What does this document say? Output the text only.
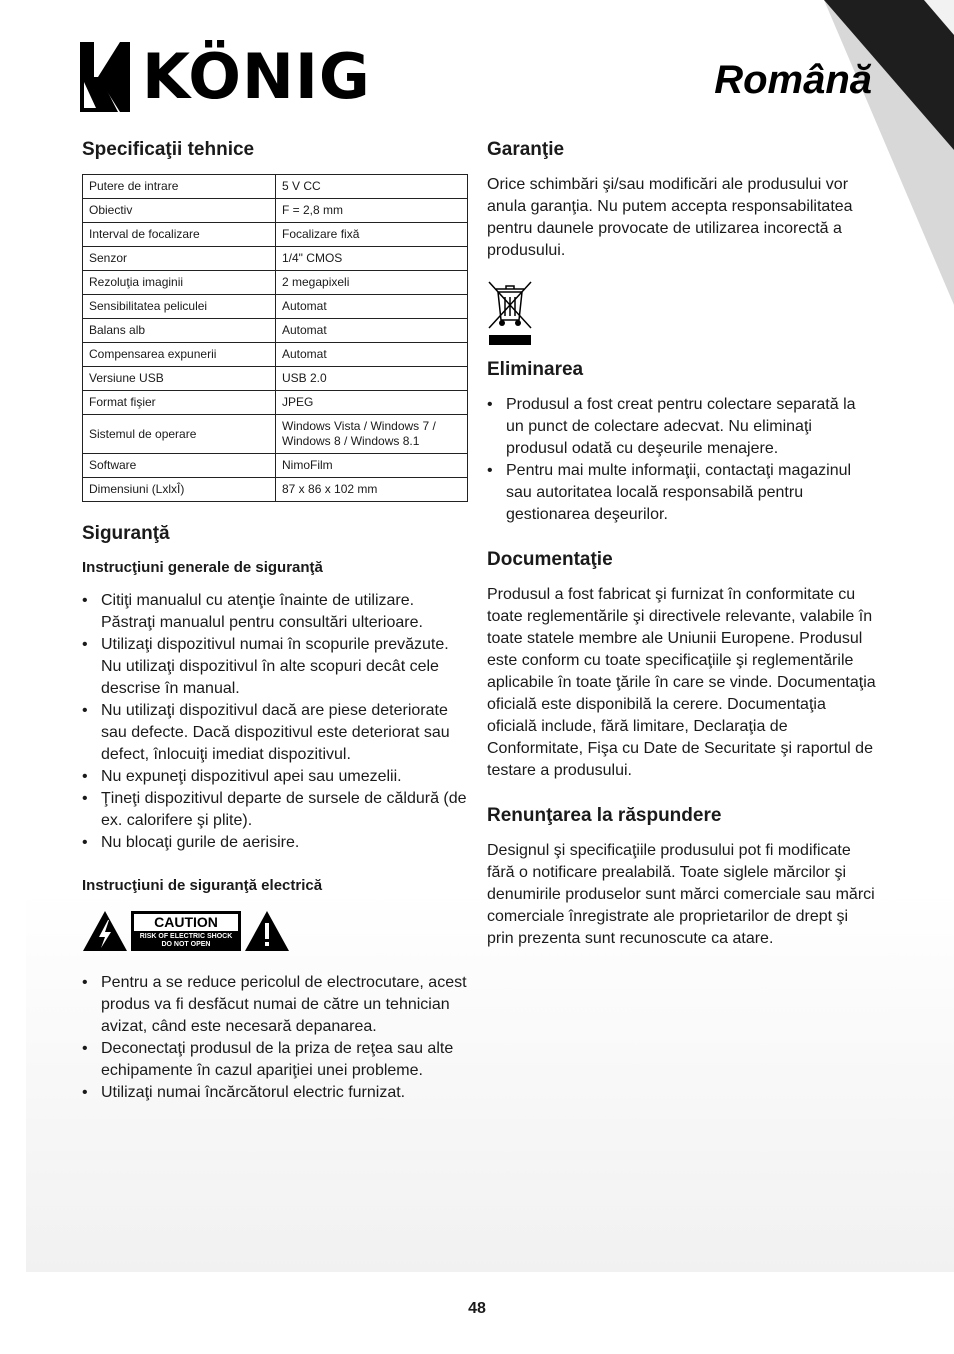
KÖNIG	Română
Specificaţii tehnice
Putere de intrare	5 V CC
Obiectiv	F = 2,8 mm
Interval de focalizare	Focalizare fixă
Senzor	1/4" CMOS
Rezoluţia imaginii	2 megapixeli
Sensibilitatea peliculei	Automat
Balans alb	Automat
Compensarea expunerii	Automat
Versiune USB	USB 2.0
Format fişier	JPEG
Sistemul de operare	Windows Vista / Windows 7 / Windows 8 / Windows 8.1
Software	NimoFilm
Dimensiuni (LxlxÎ)	87 x 86 x 102 mm
Siguranţă
Instrucţiuni generale de siguranţă
• Citiţi manualul cu atenţie înainte de utilizare. Păstraţi manualul pentru consultări ulterioare.
• Utilizaţi dispozitivul numai în scopurile prevăzute. Nu utilizaţi dispozitivul în alte scopuri decât cele descrise în manual.
• Nu utilizaţi dispozitivul dacă are piese deteriorate sau defecte. Dacă dispozitivul este deteriorat sau defect, înlocuiţi imediat dispozitivul.
• Nu expuneţi dispozitivul apei sau umezelii.
• Ţineţi dispozitivul departe de sursele de căldură (de ex. calorifere şi plite).
• Nu blocaţi gurile de aerisire.
Instrucţiuni de siguranţă electrică
CAUTION
RISK OF ELECTRIC SHOCK
DO NOT OPEN
• Pentru a se reduce pericolul de electrocutare, acest produs va fi desfăcut numai de către un tehnician avizat, când este necesară depanarea.
• Deconectaţi produsul de la priza de reţea sau alte echipamente în cazul apariţiei unei probleme.
• Utilizaţi numai încărcătorul electric furnizat.
Garanţie

Orice schimbări şi/sau modificări ale produsului vor anula garanţia. Nu putem accepta responsabilitatea pentru daunele provocate de utilizarea incorectă a produsului.

Eliminarea
• Produsul a fost creat pentru colectare separată la un punct de colectare adecvat. Nu eliminaţi produsul odată cu deşeurile menajere.
• Pentru mai multe informaţii, contactaţi magazinul sau autoritatea locală responsabilă pentru gestionarea deşeurilor.
Documentaţie

Produsul a fost fabricat şi furnizat în conformitate cu toate reglementările şi directivele relevante, valabile în toate statele membre ale Uniunii Europene. Produsul este conform cu toate specificaţiile şi reglementările aplicabile în toate ţările în care se vinde. Documentaţia oficială este disponibilă la cerere. Documentaţia oficială include, fără limitare, Declaraţia de Conformitate, Fişa cu Date de Securitate şi raportul de testare a produsului.

Renunţarea la răspundere

Designul şi specificaţiile produsului pot fi modificate fără o notificare prealabilă. Toate siglele mărcilor şi denumirile produselor sunt mărci comerciale sau mărci comerciale înregistrate ale proprietarilor de drept şi prin prezenta sunt recunoscute ca atare.

48
